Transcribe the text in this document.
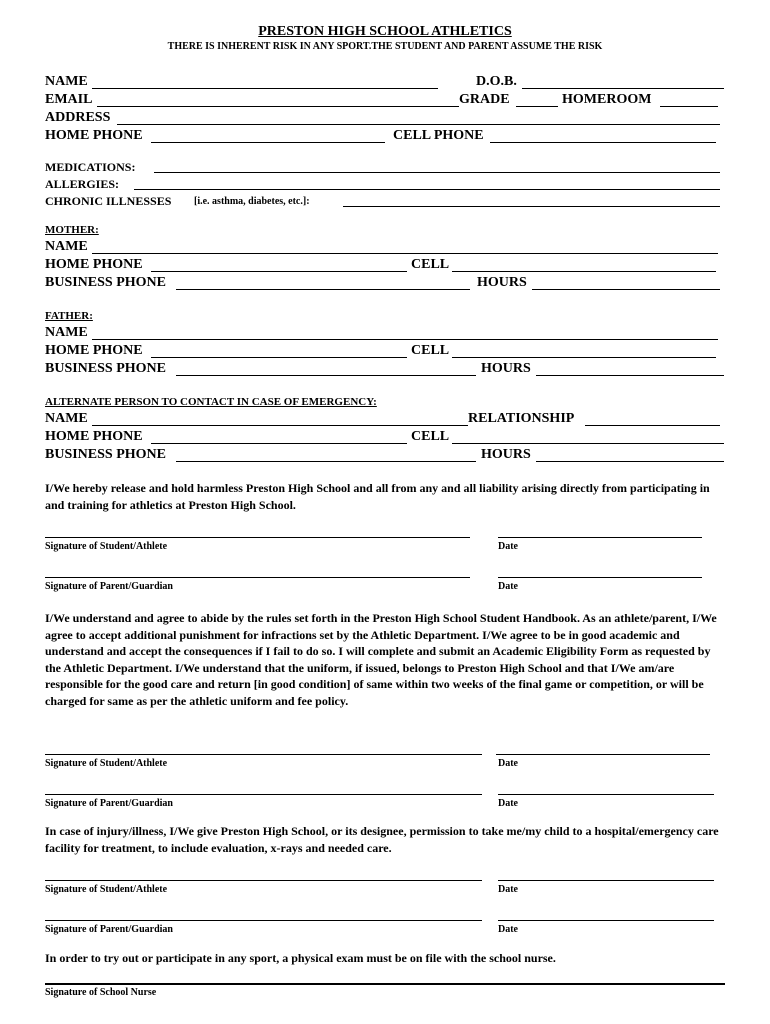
PRESTON HIGH SCHOOL ATHLETICS
THERE IS INHERENT RISK IN ANY SPORT.THE STUDENT AND PARENT ASSUME THE RISK
NAME	D.O.B.
EMAIL	GRADE	HOMEROOM
ADDRESS
HOME PHONE	CELL PHONE
MEDICATIONS:
ALLERGIES:
CHRONIC ILLNESSES [i.e. asthma, diabetes, etc.]:
MOTHER:
NAME
HOME PHONE	CELL
BUSINESS PHONE	HOURS
FATHER:
NAME
HOME PHONE	CELL
BUSINESS PHONE	HOURS
ALTERNATE PERSON TO CONTACT IN CASE OF EMERGENCY:
NAME	RELATIONSHIP
HOME PHONE	CELL
BUSINESS PHONE	HOURS
I/We hereby release and hold harmless Preston High School and all from any and all liability arising directly from participating in and training for athletics at Preston High School.
Signature of Student/Athlete	Date
Signature of Parent/Guardian	Date
I/We understand and agree to abide by the rules set forth in the Preston High School Student Handbook. As an athlete/parent, I/We agree to accept additional punishment for infractions set by the Athletic Department. I/We agree to be in good academic and understand and accept the consequences if I fail to do so. I will complete and submit an Academic Eligibility Form as requested by the Athletic Department. I/We understand that the uniform, if issued, belongs to Preston High School and that I/We am/are responsible for the good care and return [in good condition] of same within two weeks of the final game or competition, or will be charged for same as per the athletic uniform and fee policy.
Signature of Student/Athlete	Date
Signature of Parent/Guardian	Date
In case of injury/illness, I/We give Preston High School, or its designee, permission to take me/my child to a hospital/emergency care facility for treatment, to include evaluation, x-rays and needed care.
Signature of Student/Athlete	Date
Signature of Parent/Guardian	Date
In order to try out or participate in any sport, a physical exam must be on file with the school nurse.
Signature of School Nurse
